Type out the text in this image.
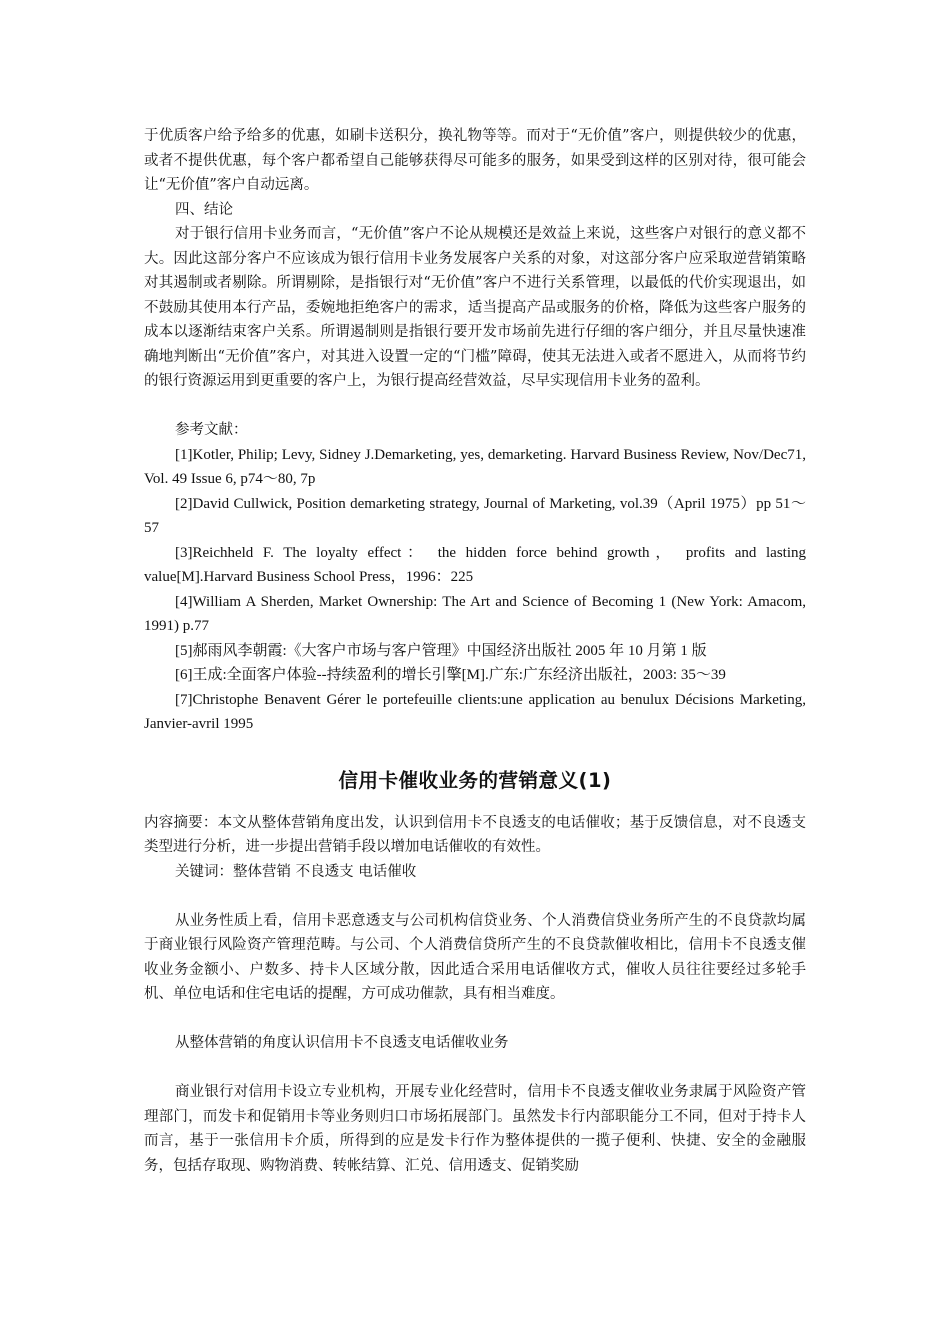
于优质客户给予给多的优惠，如刷卡送积分，换礼物等等。而对于“无价值”客户，则提供较少的优惠，或者不提供优惠，每个客户都希望自己能够获得尽可能多的服务，如果受到这样的区别对待，很可能会让“无价值”客户自动远离。

四、结论

对于银行信用卡业务而言，“无价值”客户不论从规模还是效益上来说，这些客户对银行的意义都不大。因此这部分客户不应该成为银行信用卡业务发展客户关系的对象，对这部分客户应采取逆营销策略对其遏制或者剔除。所谓剔除，是指银行对“无价值”客户不进行关系管理，以最低的代价实现退出，如不鼓励其使用本行产品，委婉地拒绝客户的需求，适当提高产品或服务的价格，降低为这些客户服务的成本以逐渐结束客户关系。所谓遏制则是指银行要开发市场前先进行仔细的客户细分，并且尽量快速准确地判断出“无价值”客户，对其进入设置一定的“门槛”障碍，使其无法进入或者不愿进入，从而将节约的银行资源运用到更重要的客户上，为银行提高经营效益，尽早实现信用卡业务的盈利。

参考文献：

[1]Kotler, Philip; Levy, Sidney J.Demarketing, yes, demarketing. Harvard Business Review, Nov/Dec71, Vol. 49 Issue 6, p74～80, 7p

[2]David Cullwick, Position demarketing strategy, Journal of Marketing, vol.39（April 1975）pp 51～57

[3]Reichheld F. The loyalty effect： the hidden force behind growth， profits and lasting value[M].Harvard Business School Press，1996：225

[4]William A Sherden, Market Ownership: The Art and Science of Becoming 1 (New York: Amacom, 1991) p.77

[5]郝雨风李朝霞:《大客户市场与客户管理》中国经济出版社 2005 年 10 月第 1 版

[6]王成:全面客户体验--持续盈利的增长引擎[M].广东:广东经济出版社，2003: 35～39

[7]Christophe Benavent Gérer le portefeuille clients:une application au benulux Décisions Marketing, Janvier-avril 1995

信用卡催收业务的营销意义(1)

内容摘要：本文从整体营销角度出发，认识到信用卡不良透支的电话催收；基于反馈信息，对不良透支类型进行分析，进一步提出营销手段以增加电话催收的有效性。

关键词：整体营销 不良透支 电话催收

从业务性质上看，信用卡恶意透支与公司机构信贷业务、个人消费信贷业务所产生的不良贷款均属于商业银行风险资产管理范畴。与公司、个人消费信贷所产生的不良贷款催收相比，信用卡不良透支催收业务金额小、户数多、持卡人区域分散，因此适合采用电话催收方式，催收人员往往要经过多轮手机、单位电话和住宅电话的提醒，方可成功催款，具有相当难度。

从整体营销的角度认识信用卡不良透支电话催收业务

商业银行对信用卡设立专业机构，开展专业化经营时，信用卡不良透支催收业务隶属于风险资产管理部门，而发卡和促销用卡等业务则归口市场拓展部门。虽然发卡行内部职能分工不同，但对于持卡人而言，基于一张信用卡介质，所得到的应是发卡行作为整体提供的一揽子便利、快捷、安全的金融服务，包括存取现、购物消费、转帐结算、汇兑、信用透支、促销奖励
